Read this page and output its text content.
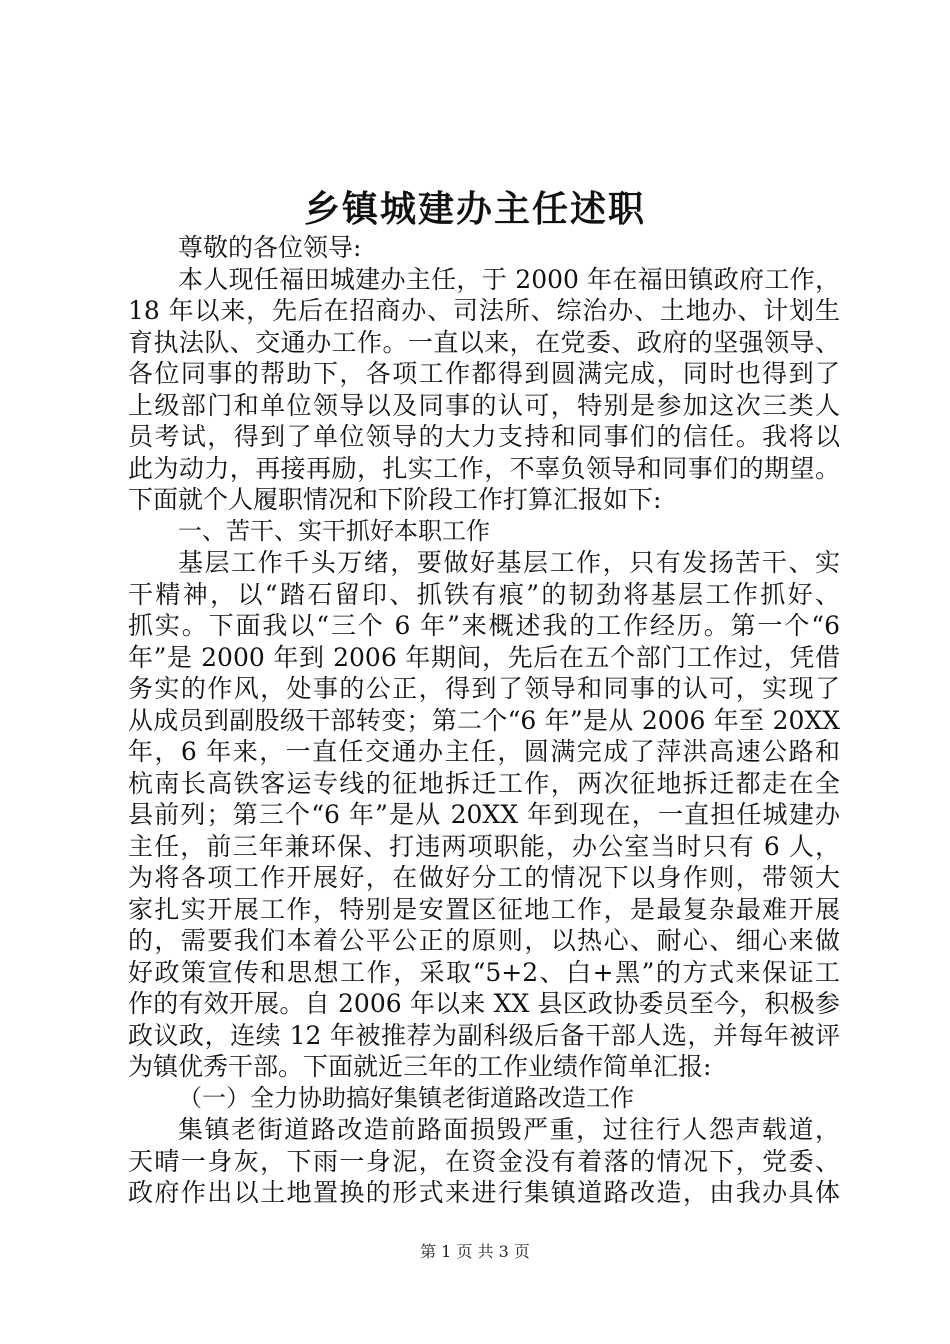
乡镇城建办主任述职
尊敬的各位领导:
本人现任福田城建办主任，于 2000 年在福田镇政府工作，
18 年以来，先后在招商办、司法所、综治办、土地办、计划生
育执法队、交通办工作。一直以来，在党委、政府的坚强领导、
各位同事的帮助下，各项工作都得到圆满完成，同时也得到了
上级部门和单位领导以及同事的认可，特别是参加这次三类人
员考试，得到了单位领导的大力支持和同事们的信任。我将以
此为动力，再接再励，扎实工作，不辜负领导和同事们的期望。
下面就个人履职情况和下阶段工作打算汇报如下:
一、苦干、实干抓好本职工作
基层工作千头万绪，要做好基层工作，只有发扬苦干、实
干精神，以“踏石留印、抓铁有痕”的韧劲将基层工作抓好、
抓实。下面我以“三个 6 年”来概述我的工作经历。第一个“6
年”是 2000 年到 2006 年期间，先后在五个部门工作过，凭借
务实的作风，处事的公正，得到了领导和同事的认可，实现了
从成员到副股级干部转变；第二个“6 年”是从 2006 年至 20XX
年，6 年来，一直任交通办主任，圆满完成了萍洪高速公路和
杭南长高铁客运专线的征地拆迁工作，两次征地拆迁都走在全
县前列；第三个“6 年”是从 20XX 年到现在，一直担任城建办
主任，前三年兼环保、打违两项职能，办公室当时只有 6 人，
为将各项工作开展好，在做好分工的情况下以身作则，带领大
家扎实开展工作，特别是安置区征地工作，是最复杂最难开展
的，需要我们本着公平公正的原则，以热心、耐心、细心来做
好政策宣传和思想工作，采取“5+2、白+黑”的方式来保证工
作的有效开展。自 2006 年以来 XX 县区政协委员至今，积极参
政议政，连续 12 年被推荐为副科级后备干部人选，并每年被评
为镇优秀干部。下面就近三年的工作业绩作简单汇报:
（一）全力协助搞好集镇老街道路改造工作
集镇老街道路改造前路面损毁严重，过往行人怨声载道，
天晴一身灰，下雨一身泥，在资金没有着落的情况下，党委、
政府作出以土地置换的形式来进行集镇道路改造，由我办具体
第 1 页 共 3 页
